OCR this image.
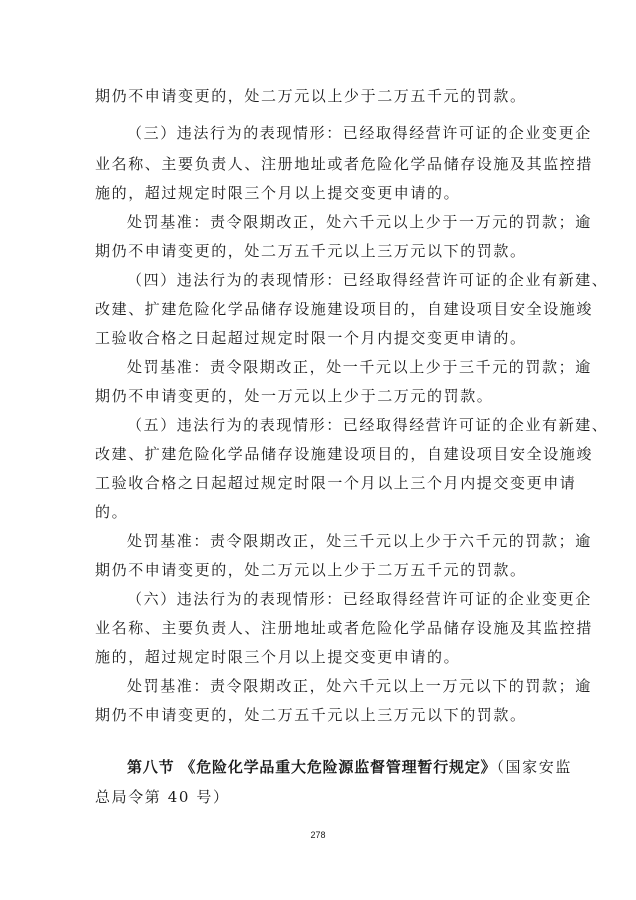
期仍不申请变更的，处二万元以上少于二万五千元的罚款。
（三）违法行为的表现情形：已经取得经营许可证的企业变更企
业名称、主要负责人、注册地址或者危险化学品储存设施及其监控措
施的，超过规定时限三个月以上提交变更申请的。
处罚基准：责令限期改正，处六千元以上少于一万元的罚款；逾
期仍不申请变更的，处二万五千元以上三万元以下的罚款。
（四）违法行为的表现情形：已经取得经营许可证的企业有新建、
改建、扩建危险化学品储存设施建设项目的，自建设项目安全设施竣
工验收合格之日起超过规定时限一个月内提交变更申请的。
处罚基准：责令限期改正，处一千元以上少于三千元的罚款；逾
期仍不申请变更的，处一万元以上少于二万元的罚款。
（五）违法行为的表现情形：已经取得经营许可证的企业有新建、
改建、扩建危险化学品储存设施建设项目的，自建设项目安全设施竣
工验收合格之日起超过规定时限一个月以上三个月内提交变更申请
的。
处罚基准：责令限期改正，处三千元以上少于六千元的罚款；逾
期仍不申请变更的，处二万元以上少于二万五千元的罚款。
（六）违法行为的表现情形：已经取得经营许可证的企业变更企
业名称、主要负责人、注册地址或者危险化学品储存设施及其监控措
施的，超过规定时限三个月以上提交变更申请的。
处罚基准：责令限期改正，处六千元以上一万元以下的罚款；逾
期仍不申请变更的，处二万五千元以上三万元以下的罚款。
第八节 《危险化学品重大危险源监督管理暂行规定》（国家安监
总局令第 40 号）
278
